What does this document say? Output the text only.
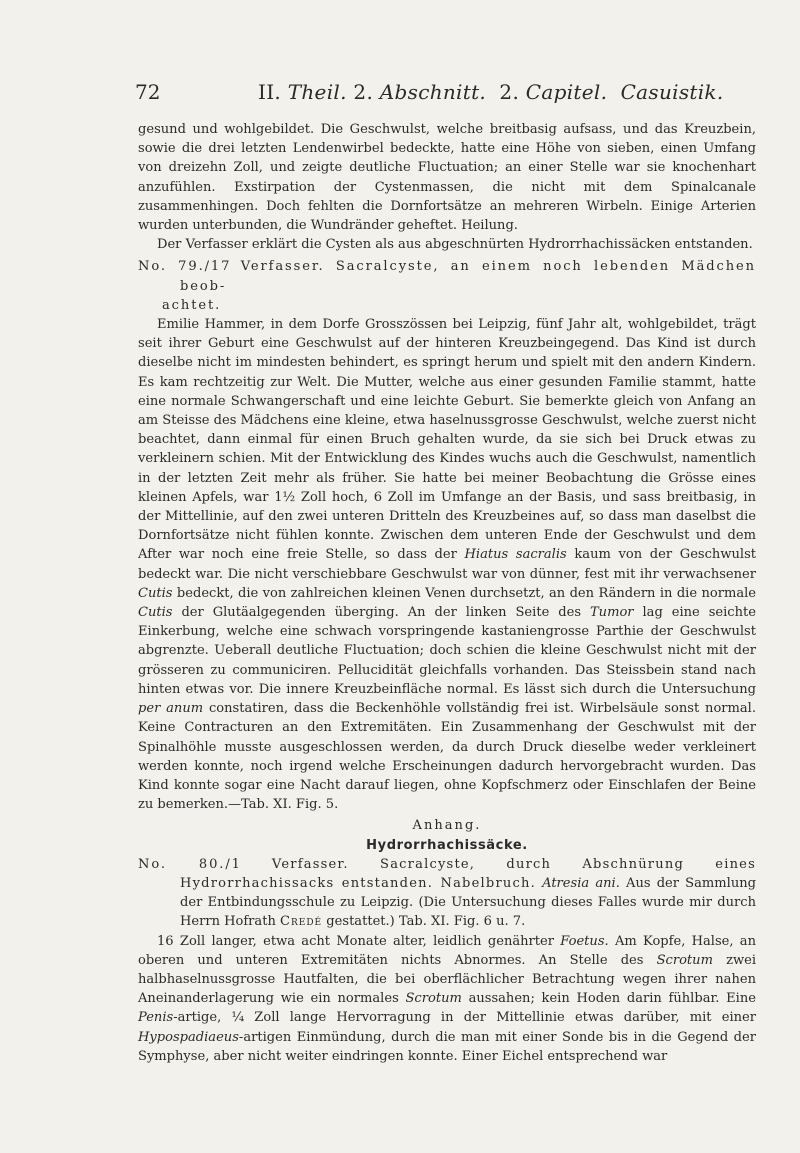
72	II. Theil. 2. Abschnitt. 2. Capitel. Casuistik.

gesund und wohlgebildet. Die Geschwulst, welche breitbasig aufsass, und das Kreuzbein, sowie die drei letzten Lendenwirbel bedeckte, hatte eine Höhe von sieben, einen Umfang von dreizehn Zoll, und zeigte deutliche Fluctuation; an einer Stelle war sie knochenhart anzufühlen. Exstirpation der Cystenmassen, die nicht mit dem Spinalcanale zusammenhingen. Doch fehlten die Dornfortsätze an mehreren Wirbeln. Einige Arterien wurden unterbunden, die Wundränder geheftet. Heilung.

Der Verfasser erklärt die Cysten als aus abgeschnürten Hydrorrhachissäcken entstanden.

No. 79./17 Verfasser. Sacralcyste, an einem noch lebenden Mädchen beob-

achtet.

Emilie Hammer, in dem Dorfe Grosszössen bei Leipzig, fünf Jahr alt, wohlgebildet, trägt seit ihrer Geburt eine Geschwulst auf der hinteren Kreuzbeingegend. Das Kind ist durch dieselbe nicht im mindesten behindert, es springt herum und spielt mit den andern Kindern. Es kam rechtzeitig zur Welt. Die Mutter, welche aus einer gesunden Familie stammt, hatte eine normale Schwangerschaft und eine leichte Geburt. Sie bemerkte gleich von Anfang an am Steisse des Mädchens eine kleine, etwa haselnussgrosse Geschwulst, welche zuerst nicht beachtet, dann einmal für einen Bruch gehalten wurde, da sie sich bei Druck etwas zu verkleinern schien. Mit der Entwicklung des Kindes wuchs auch die Geschwulst, namentlich in der letzten Zeit mehr als früher. Sie hatte bei meiner Beobachtung die Grösse eines kleinen Apfels, war 1½ Zoll hoch, 6 Zoll im Umfange an der Basis, und sass breitbasig, in der Mittellinie, auf den zwei unteren Dritteln des Kreuzbeines auf, so dass man daselbst die Dornfortsätze nicht fühlen konnte. Zwischen dem unteren Ende der Geschwulst und dem After war noch eine freie Stelle, so dass der Hiatus sacralis kaum von der Geschwulst bedeckt war. Die nicht verschiebbare Geschwulst war von dünner, fest mit ihr verwachsener Cutis bedeckt, die von zahlreichen kleinen Venen durchsetzt, an den Rändern in die normale Cutis der Glutäalgegenden überging. An der linken Seite des Tumor lag eine seichte Einkerbung, welche eine schwach vorspringende kastaniengrosse Parthie der Geschwulst abgrenzte. Ueberall deutliche Fluctuation; doch schien die kleine Geschwulst nicht mit der grösseren zu communiciren. Pellucidität gleichfalls vorhanden. Das Steissbein stand nach hinten etwas vor. Die innere Kreuzbeinfläche normal. Es lässt sich durch die Untersuchung per anum constatiren, dass die Beckenhöhle vollständig frei ist. Wirbelsäule sonst normal. Keine Contracturen an den Extremitäten. Ein Zusammenhang der Geschwulst mit der Spinalhöhle musste ausgeschlossen werden, da durch Druck dieselbe weder verkleinert werden konnte, noch irgend welche Erscheinungen dadurch hervorgebracht wurden. Das Kind konnte sogar eine Nacht darauf liegen, ohne Kopfschmerz oder Einschlafen der Beine zu bemerken.—Tab. XI. Fig. 5.

Anhang.

Hydrorrhachissäcke.

No. 80./1 Verfasser. Sacralcyste, durch Abschnürung eines Hydrorrhachissacks entstanden. Nabelbruch. Atresia ani. Aus der Sammlung der Entbindungsschule zu Leipzig. (Die Untersuchung dieses Falles wurde mir durch Herrn Hofrath Credé gestattet.) Tab. XI. Fig. 6 u. 7.

16 Zoll langer, etwa acht Monate alter, leidlich genährter Foetus. Am Kopfe, Halse, an oberen und unteren Extremitäten nichts Abnormes. An Stelle des Scrotum zwei halbhaselnussgrosse Hautfalten, die bei oberflächlicher Betrachtung wegen ihrer nahen Aneinanderlagerung wie ein normales Scrotum aussahen; kein Hoden darin fühlbar. Eine Penis-artige, ¼ Zoll lange Hervorragung in der Mittellinie etwas darüber, mit einer Hypospadiaeus-artigen Einmündung, durch die man mit einer Sonde bis in die Gegend der Symphyse, aber nicht weiter eindringen konnte. Einer Eichel entsprechend war
